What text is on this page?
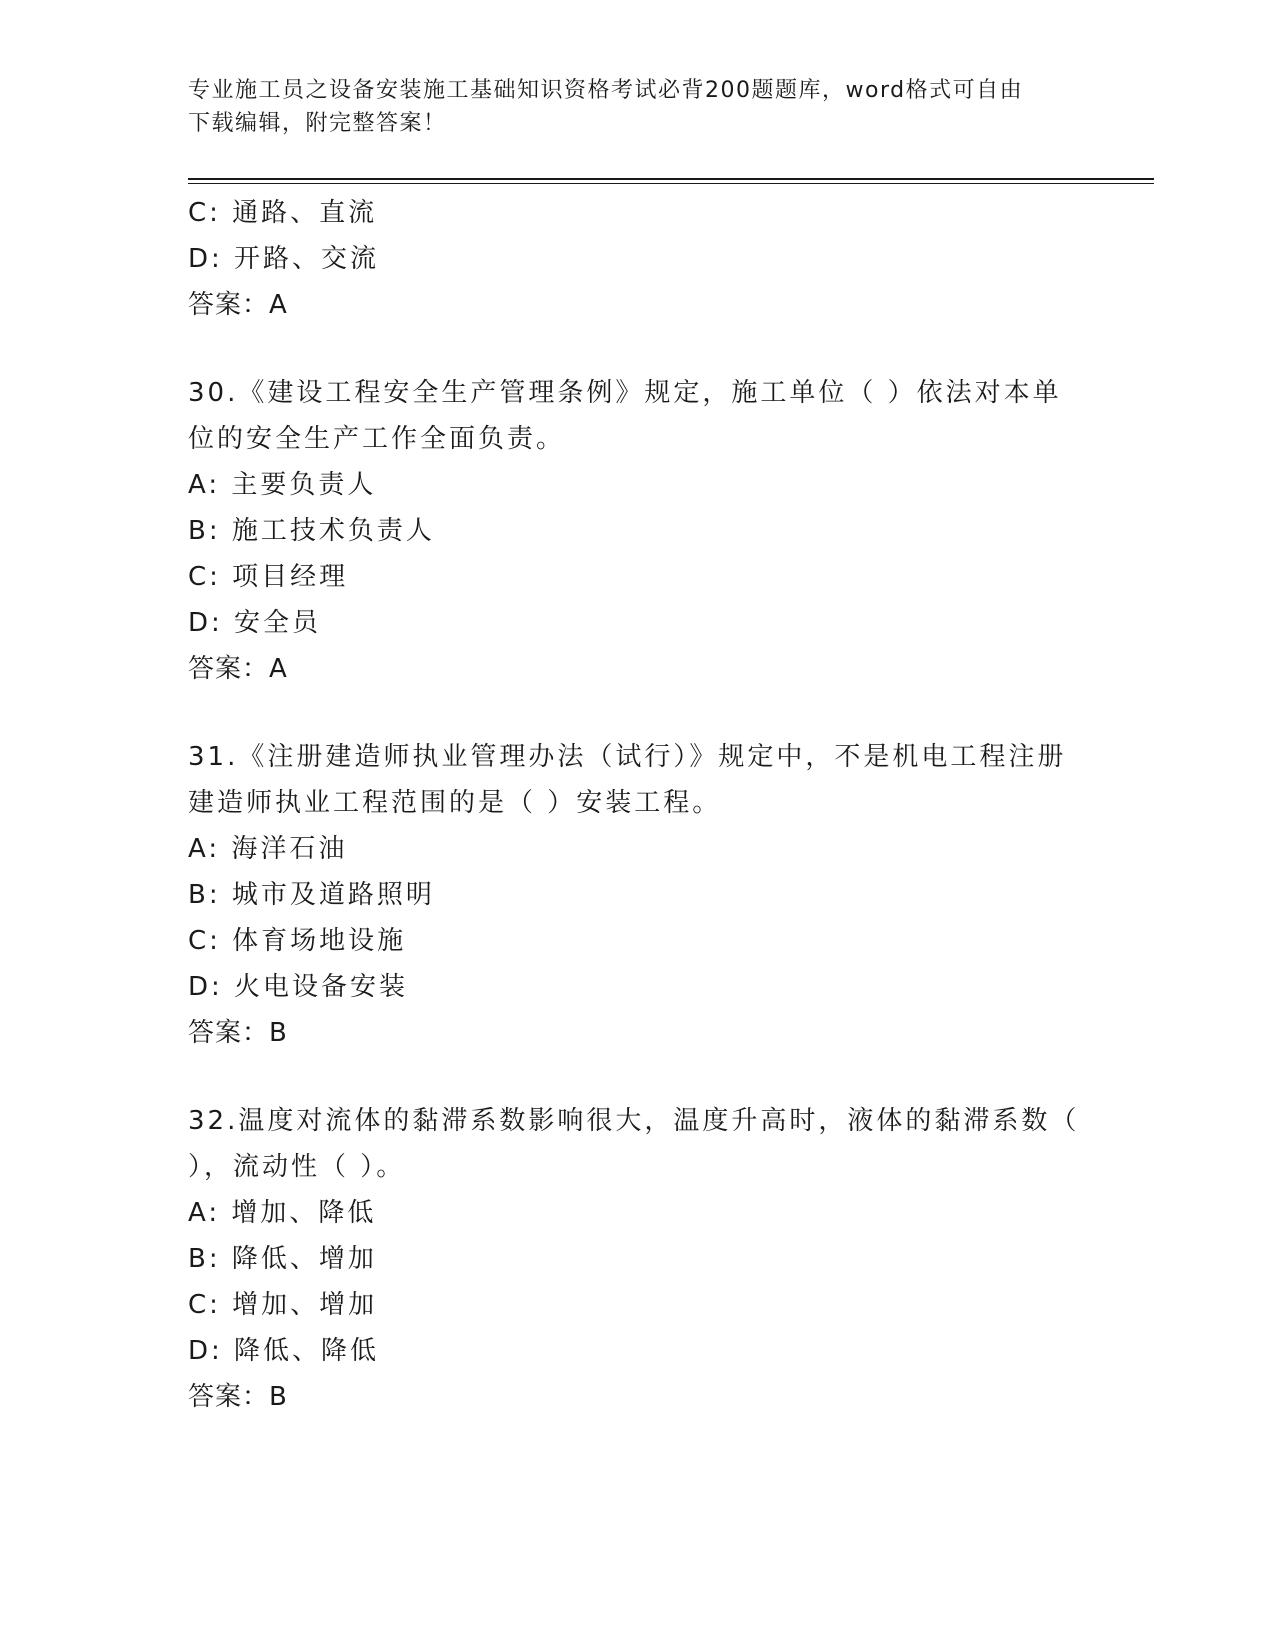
专业施工员之设备安装施工基础知识资格考试必背200题题库，word格式可自由
下载编辑，附完整答案！
C: 通路、直流
D: 开路、交流
答案：A
30.《建设工程安全生产管理条例》规定，施工单位（ ）依法对本单
位的安全生产工作全面负责。
A: 主要负责人
B: 施工技术负责人
C: 项目经理
D: 安全员
答案：A
31.《注册建造师执业管理办法（试行）》规定中，不是机电工程注册
建造师执业工程范围的是（ ）安装工程。
A: 海洋石油
B: 城市及道路照明
C: 体育场地设施
D: 火电设备安装
答案：B
32.温度对流体的黏滞系数影响很大，温度升高时，液体的黏滞系数（
），流动性（ ）。
A: 增加、降低
B: 降低、增加
C: 增加、增加
D: 降低、降低
答案：B
